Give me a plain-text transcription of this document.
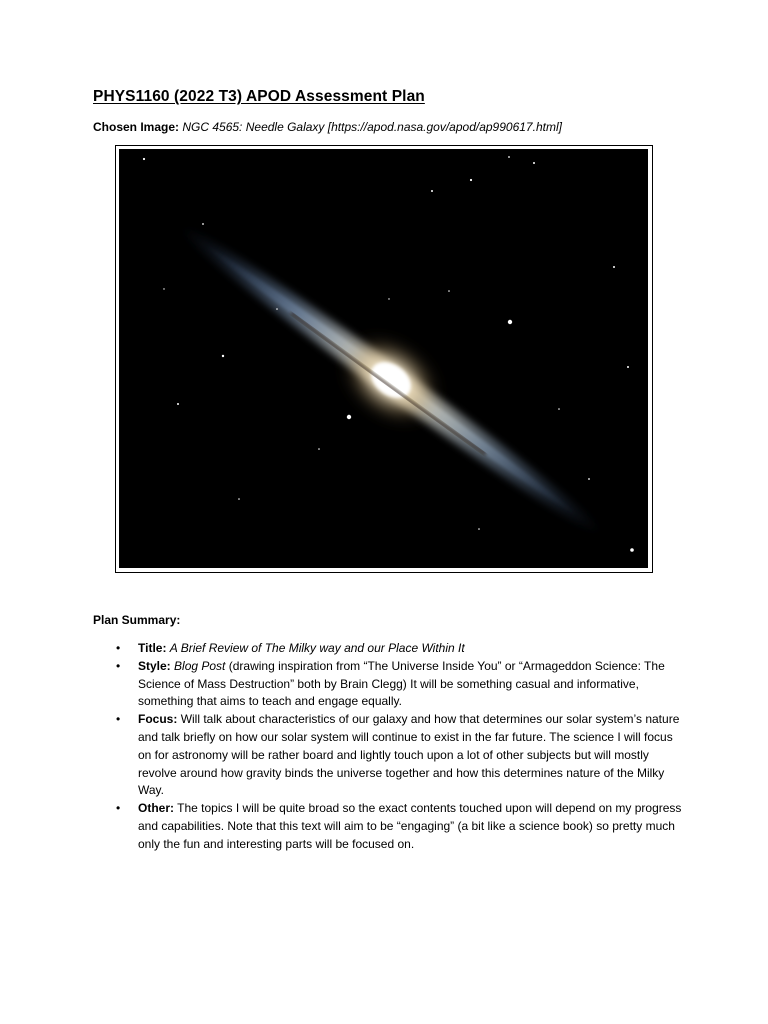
PHYS1160 (2022 T3) APOD Assessment Plan
Chosen Image: NGC 4565: Needle Galaxy [https://apod.nasa.gov/apod/ap990617.html]
Plan Summary:
• Title: A Brief Review of The Milky way and our Place Within It
• Style: Blog Post (drawing inspiration from “The Universe Inside You” or “Armageddon Science: The Science of Mass Destruction” both by Brain Clegg) It will be something casual and informative, something that aims to teach and engage equally.
• Focus: Will talk about characteristics of our galaxy and how that determines our solar system’s nature and talk briefly on how our solar system will continue to exist in the far future. The science I will focus on for astronomy will be rather board and lightly touch upon a lot of other subjects but will mostly revolve around how gravity binds the universe together and how this determines nature of the Milky Way.
• Other: The topics I will be quite broad so the exact contents touched upon will depend on my progress and capabilities. Note that this text will aim to be “engaging” (a bit like a science book) so pretty much only the fun and interesting parts will be focused on.
